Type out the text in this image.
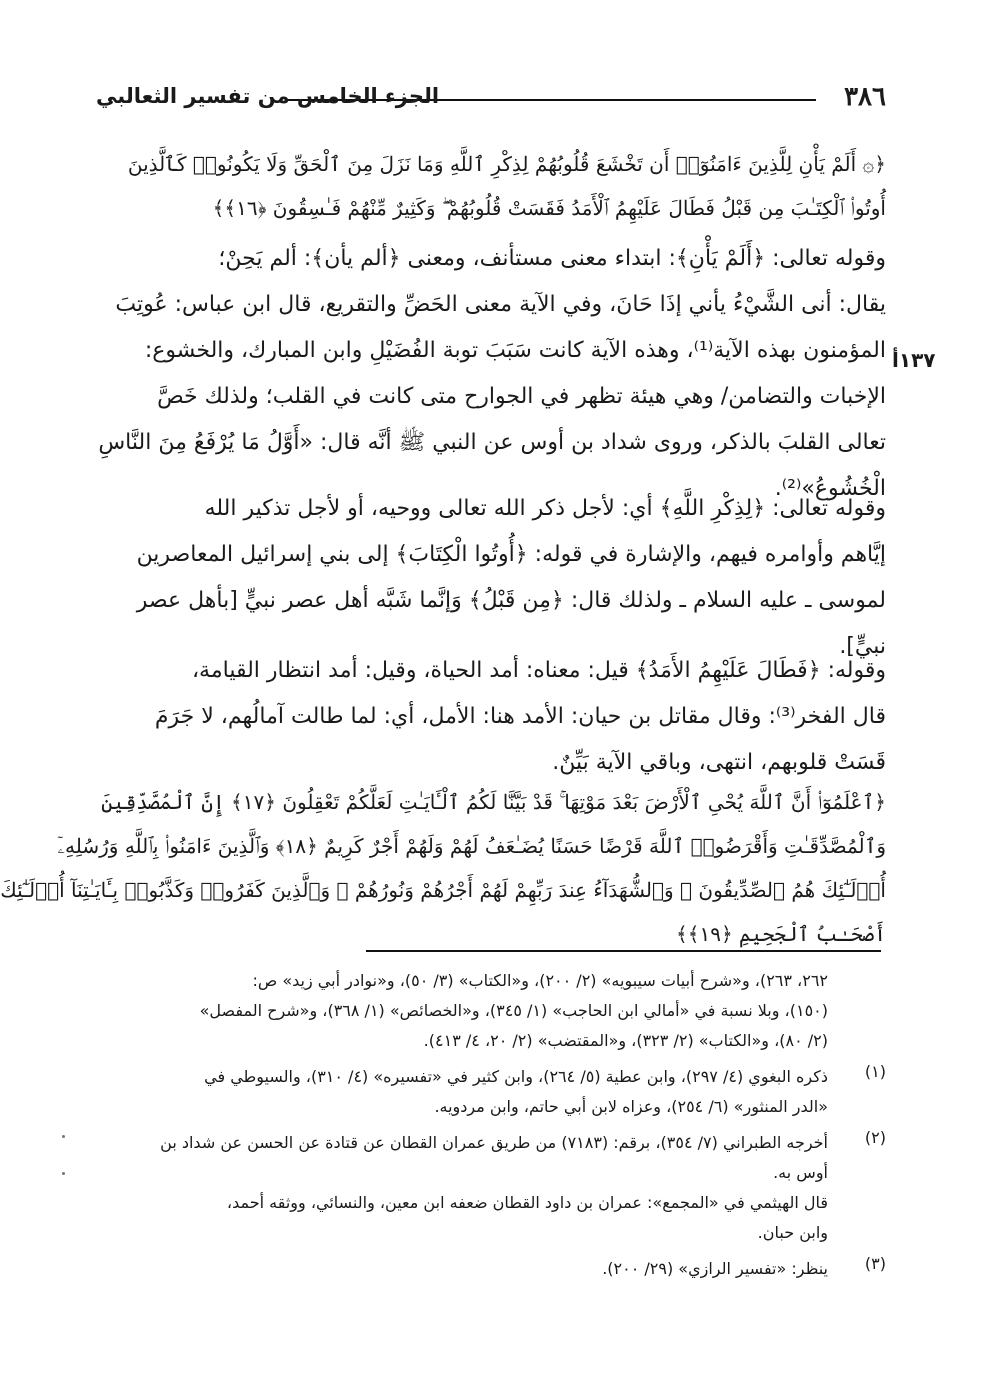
٣٨٦
الجزء الخامس من تفسير الثعالبي
﴿۞ أَلَمْ يَأْنِ لِلَّذِينَ ءَامَنُوٓا۟ أَن تَخْشَعَ قُلُوبُهُمْ لِذِكْرِ ٱللَّهِ وَمَا نَزَلَ مِنَ ٱلْحَقِّ وَلَا يَكُونُوا۟ كَٱلَّذِينَ
أُوتُوا۟ ٱلْكِتَـٰبَ مِن قَبْلُ فَطَالَ عَلَيْهِمُ ٱلْأَمَدُ فَقَسَتْ قُلُوبُهُمْ ۖ وَكَثِيرٌ مِّنْهُمْ فَـٰسِقُونَ ﴿١٦﴾﴾
وقوله تعالى: ﴿أَلَمْ يَأْنِ﴾: ابتداء معنى مستأنف، ومعنى ﴿ألم يأن﴾: ألم يَحِنْ؛
يقال: أنى الشَّيْءُ يأني إذَا حَانَ، وفي الآية معنى الحَضِّ والتقريع، قال ابن عباس: عُوتِبَ
المؤمنون بهذه الآية⁽¹⁾، وهذه الآية كانت سَبَبَ توبة الفُضَيْلِ وابن المبارك، والخشوع:
الإخبات والتضامن/ وهي هيئة تظهر في الجوارح متى كانت في القلب؛ ولذلك خَصَّ
تعالى القلبَ بالذكر، وروى شداد بن أوس عن النبي ﷺ أنَّه قال: «أَوَّلُ مَا يُرْفَعُ مِنَ النَّاسِ
الْخُشُوعُ»⁽²⁾.
١٣٧أ
وقوله تعالى: ﴿لِذِكْرِ اللَّهِ﴾ أي: لأجل ذكر الله تعالى ووحيه، أو لأجل تذكير الله
إيَّاهم وأوامره فيهم، والإشارة في قوله: ﴿أُوتُوا الْكِتَابَ﴾ إلى بني إسرائيل المعاصرين
لموسى ـ عليه السلام ـ ولذلك قال: ﴿مِن قَبْلُ﴾ وَإنَّما شَبَّه أهل عصر نبيٍّ [بأهل عصر
نبيٍّ].
وقوله: ﴿فَطَالَ عَلَيْهِمُ الأَمَدُ﴾ قيل: معناه: أمد الحياة، وقيل: أمد انتظار القيامة،
قال الفخر⁽³⁾: وقال مقاتل بن حيان: الأمد هنا: الأمل، أي: لما طالت آمالُهم، لا جَرَمَ
قَسَتْ قلوبهم، انتهى، وباقي الآية بَيِّنٌ.
﴿ٱعْلَمُوٓا۟ أَنَّ ٱللَّهَ يُحْىِ ٱلْأَرْضَ بَعْدَ مَوْتِهَا ۚ قَدْ بَيَّنَّا لَكُمُ ٱلْـَٔايَـٰتِ لَعَلَّكُمْ تَعْقِلُونَ ﴿١٧﴾ إِنَّ ٱلْمُصَّدِّقِينَ
وَٱلْمُصَّدِّقَـٰتِ وَأَقْرَضُوا۟ ٱللَّهَ قَرْضًا حَسَنًا يُضَـٰعَفُ لَهُمْ وَلَهُمْ أَجْرٌ كَرِيمٌ ﴿١٨﴾ وَٱلَّذِينَ ءَامَنُوا۟ بِٱللَّهِ وَرُسُلِهِۦٓ
أُو۟لَـٰٓئِكَ هُمُ ٱلصِّدِّيقُونَ ۖ وَٱلشُّهَدَآءُ عِندَ رَبِّهِمْ لَهُمْ أَجْرُهُمْ وَنُورُهُمْ ۖ وَٱلَّذِينَ كَفَرُوا۟ وَكَذَّبُوا۟ بِـَٔايَـٰتِنَآ أُو۟لَـٰٓئِكَ
أَصْحَـٰبُ ٱلْجَحِيمِ ﴿١٩﴾﴾
٢٦٢، ٢٦٣)، و«شرح أبيات سيبويه» (٢/ ٢٠٠)، و«الكتاب» (٣/ ٥٠)، و«نوادر أبي زيد» ص:
(١٥٠)، وبلا نسبة في «أمالي ابن الحاجب» (١/ ٣٤٥)، و«الخصائص» (١/ ٣٦٨)، و«شرح المفصل»
(٢/ ٨٠)، و«الكتاب» (٢/ ٣٢٣)، و«المقتضب» (٢/ ٢٠، ٤/ ٤١٣).
(١)
ذكره البغوي (٤/ ٢٩٧)، وابن عطية (٥/ ٢٦٤)، وابن كثير في «تفسيره» (٤/ ٣١٠)، والسيوطي في
«الدر المنثور» (٦/ ٢٥٤)، وعزاه لابن أبي حاتم، وابن مردويه.
(٢)
أخرجه الطبراني (٧/ ٣٥٤)، برقم: (٧١٨٣) من طريق عمران القطان عن قتادة عن الحسن عن شداد بن
أوس به.
قال الهيثمي في «المجمع»: عمران بن داود القطان ضعفه ابن معين، والنسائي، ووثقه أحمد،
وابن حبان.
(٣)
ينظر: «تفسير الرازي» (٢٩/ ٢٠٠).
